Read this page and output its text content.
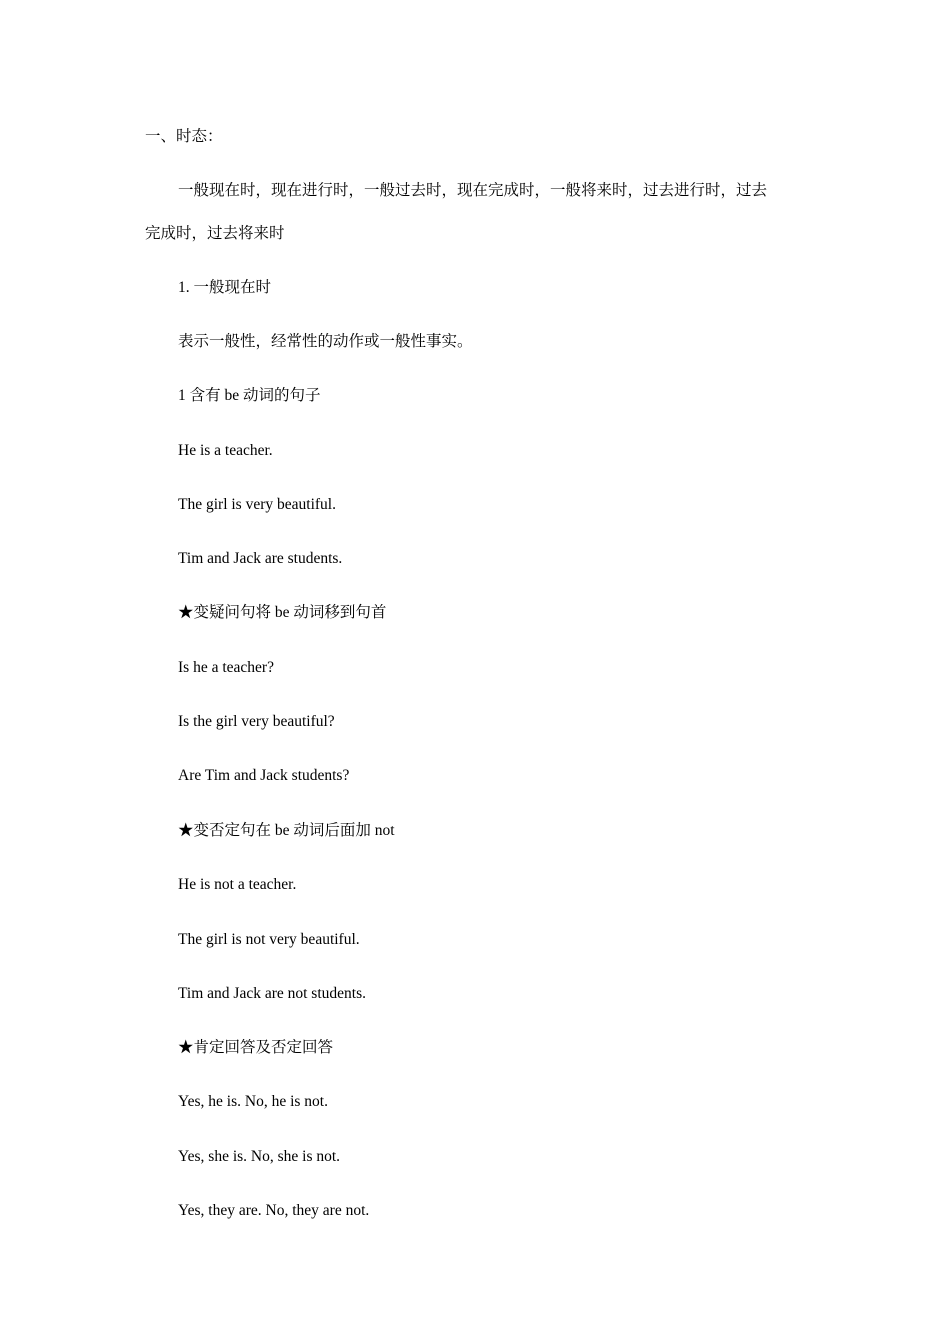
一、时态：
一般现在时，现在进行时，一般过去时，现在完成时，一般将来时，过去进行时，过去
完成时，过去将来时
1. 一般现在时
表示一般性，经常性的动作或一般性事实。
1 含有 be 动词的句子
He is a teacher.
The girl is very beautiful.
Tim and Jack are students.
★变疑问句将 be 动词移到句首
Is he a teacher?
Is the girl very beautiful?
Are Tim and Jack students?
★变否定句在 be 动词后面加 not
He is not a teacher.
The girl is not very beautiful.
Tim and Jack are not students.
★肯定回答及否定回答
Yes, he is. No, he is not.
Yes, she is. No, she is not.
Yes, they are. No, they are not.
